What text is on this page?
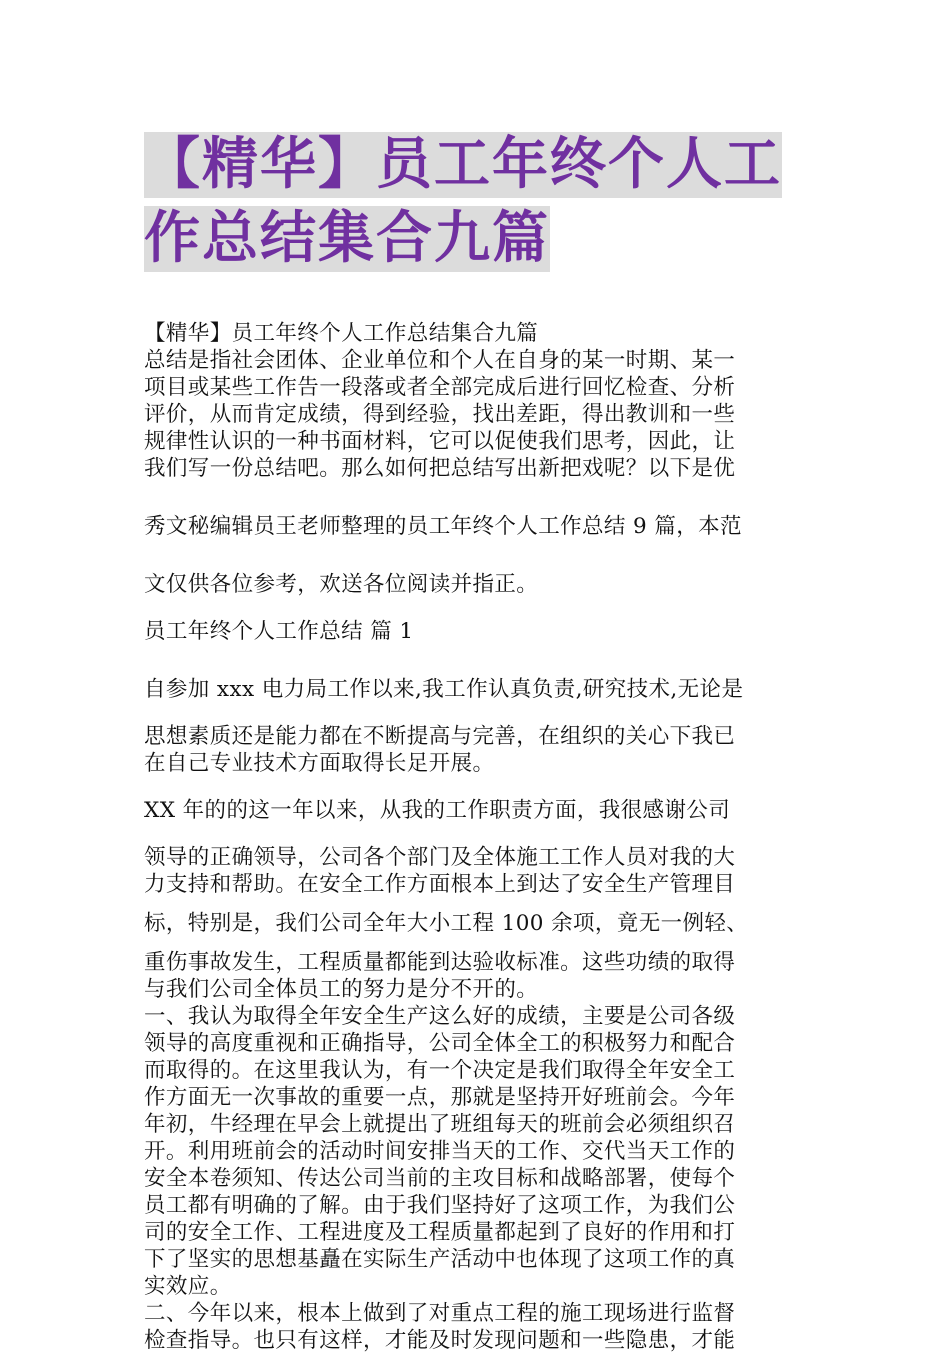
【精华】员工年终个人工
作总结集合九篇
【精华】员工年终个人工作总结集合九篇
总结是指社会团体、企业单位和个人在自身的某一时期、某一
项目或某些工作告一段落或者全部完成后进行回忆检查、分析
评价，从而肯定成绩，得到经验，找出差距，得出教训和一些
规律性认识的一种书面材料，它可以促使我们思考，因此，让
我们写一份总结吧。那么如何把总结写出新把戏呢？以下是优
秀文秘编辑员王老师整理的员工年终个人工作总结 9 篇，本范
文仅供各位参考，欢送各位阅读并指正。
员工年终个人工作总结 篇 1
自参加 xxx 电力局工作以来,我工作认真负责,研究技术,无论是
思想素质还是能力都在不断提高与完善，在组织的关心下我已
在自己专业技术方面取得长足开展。
XX 年的的这一年以来，从我的工作职责方面，我很感谢公司
领导的正确领导，公司各个部门及全体施工工作人员对我的大
力支持和帮助。在安全工作方面根本上到达了安全生产管理目
标，特别是，我们公司全年大小工程 100 余项，竟无一例轻、
重伤事故发生，工程质量都能到达验收标准。这些功绩的取得
与我们公司全体员工的努力是分不开的。
一、我认为取得全年安全生产这么好的成绩，主要是公司各级
领导的高度重视和正确指导，公司全体全工的积极努力和配合
而取得的。在这里我认为，有一个决定是我们取得全年安全工
作方面无一次事故的重要一点，那就是坚持开好班前会。今年
年初，牛经理在早会上就提出了班组每天的班前会必须组织召
开。利用班前会的活动时间安排当天的工作、交代当天工作的
安全本卷须知、传达公司当前的主攻目标和战略部署，使每个
员工都有明确的了解。由于我们坚持好了这项工作，为我们公
司的安全工作、工程进度及工程质量都起到了良好的作用和打
下了坚实的思想基矗在实际生产活动中也体现了这项工作的真
实效应。
二、今年以来，根本上做到了对重点工程的施工现场进行监督
检查指导。也只有这样，才能及时发现问题和一些隐患，才能
